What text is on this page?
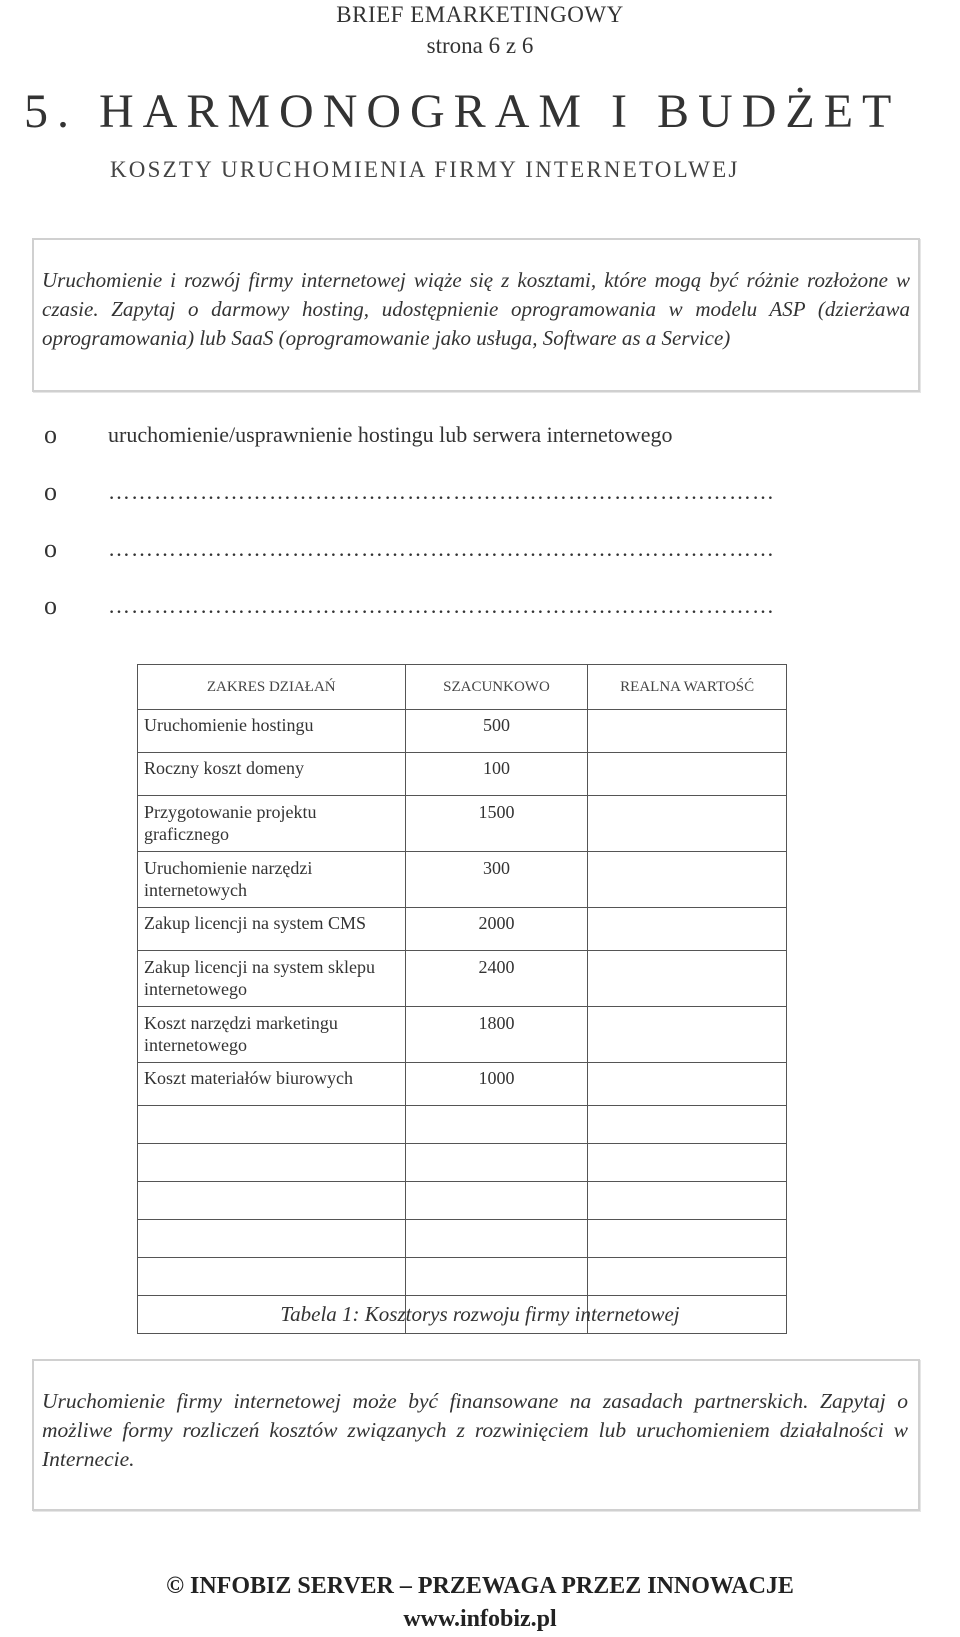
BRIEF EMARKETINGOWY
strona 6 z 6
5. HARMONOGRAM I BUDŻET
KOSZTY URUCHOMIENIA FIRMY INTERNETOLWEJ

Uruchomienie i rozwój firmy internetowej wiąże się z kosztami, które mogą być różnie rozłożone w czasie. Zapytaj o darmowy hosting, udostępnienie oprogramowania w modelu ASP (dzierżawa oprogramowania) lub SaaS (oprogramowanie jako usługa, Software as a Service)

o	uruchomienie/usprawnienie hostingu lub serwera internetowego
o	……………………………………………………………………………
o	……………………………………………………………………………
o	……………………………………………………………………………
ZAKRES DZIAŁAŃ	SZACUNKOWO	REALNA WARTOŚĆ
Uruchomienie hostingu	500	
Roczny koszt domeny	100	
Przygotowanie projektu graficznego	1500	
Uruchomienie narzędzi internetowych	300	
Zakup licencji na system CMS	2000	
Zakup licencji na system sklepu internetowego	2400	
Koszt narzędzi marketingu internetowego	1800	
Koszt materiałów biurowych	1000	

Tabela 1: Kosztorys rozwoju firmy internetowej

Uruchomienie firmy internetowej może być finansowane na zasadach partnerskich. Zapytaj o możliwe formy rozliczeń kosztów związanych z rozwinięciem lub uruchomieniem działalności w Internecie.

© INFOBIZ SERVER – PRZEWAGA PRZEZ INNOWACJE
www.infobiz.pl
